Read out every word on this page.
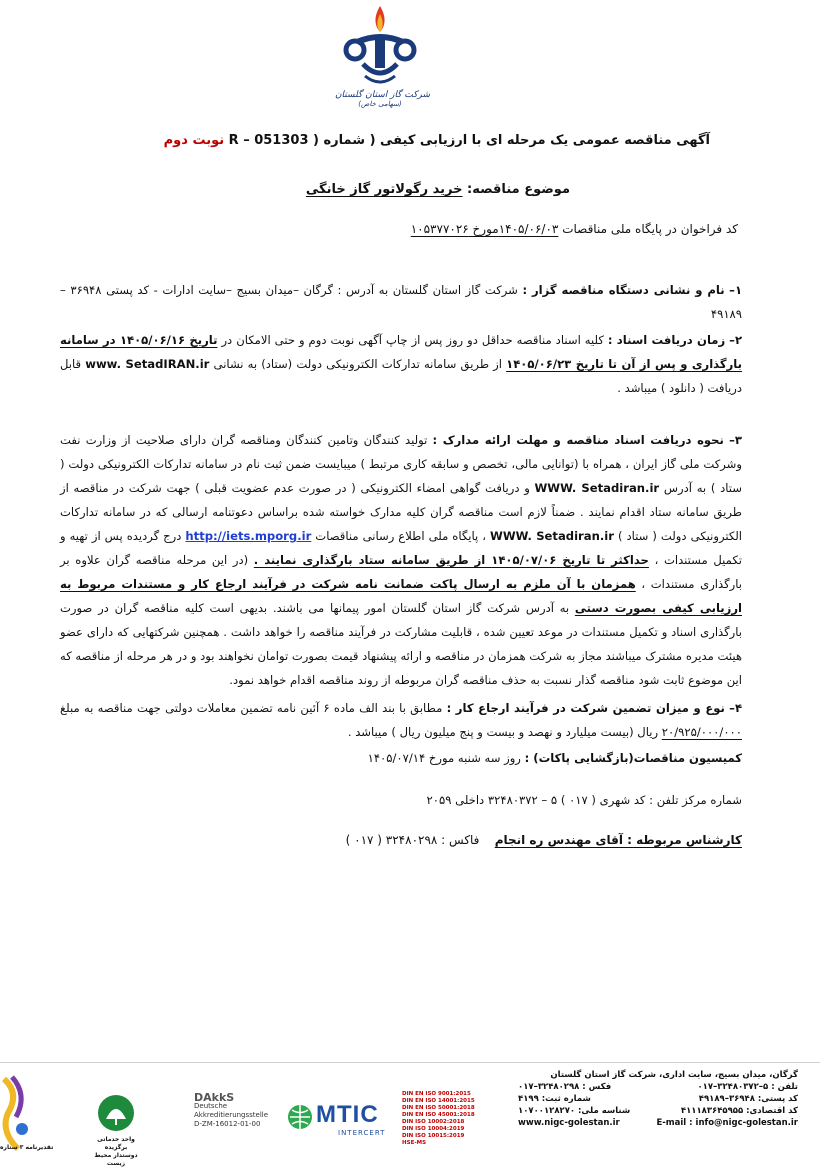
شرکت گاز استان گلستان
(سهامی خاص)
آگهی مناقصه عمومی یک مرحله ای با ارزیابی کیفی ( شماره R – 051303 ) نوبت دوم
موضوع مناقصه: خرید رگولاتور گاز خانگی
کد فراخوان در پایگاه ملی مناقصات ۱۴۰۵/۰۶/۰۳مورخ ۱۰۵۳۷۷۰۲۶
۱– نام و نشانی دستگاه مناقصه گزار : شرکت گاز استان گلستان به آدرس : گرگان –میدان بسیج –سایت ادارات - کد پستی ۳۶۹۴۸ – ۴۹۱۸۹
۲– زمان دریافت اسناد : کلیه اسناد مناقصه حداقل دو روز پس از چاپ آگهی نوبت دوم و حتی الامکان در تاریخ ۱۴۰۵/۰۶/۱۶ در سامانه بارگذاری و پس از آن تا تاریخ ۱۴۰۵/۰۶/۲۳ از طریق سامانه تدارکات الکترونیکی دولت (ستاد) به نشانی www. SetadIRAN.ir قابل دریافت ( دانلود ) میباشد .
۳– نحوه دریافت اسناد مناقصه و مهلت ارائه مدارک : تولید کنندگان وتامین کنندگان ومناقصه گران دارای صلاحیت از وزارت نفت وشرکت ملی گاز ایران ، همراه با (توانایی مالی، تخصص و سابقه کاری مرتبط ) میبایست ضمن ثبت نام در سامانه تدارکات الکترونیکی دولت ( ستاد ) به آدرس WWW. Setadiran.ir و دریافت گواهی امضاء الکترونیکی ( در صورت عدم عضویت قبلی ) جهت شرکت در مناقصه از طریق سامانه ستاد اقدام نمایند . ضمناً لازم است مناقصه گران کلیه مدارک خواسته شده براساس دعوتنامه ارسالی که در سامانه تدارکات الکترونیکی دولت ( ستاد ) WWW. Setadiran.ir ، پایگاه ملی اطلاع رسانی مناقصات http://iets.mporg.ir درج گردیده پس از تهیه و تکمیل مستندات ، حداکثر تا تاریخ ۱۴۰۵/۰۷/۰۶ از طریق سامانه ستاد بارگذاری نمایند . (در این مرحله مناقصه گران علاوه بر بارگذاری مستندات ، همزمان با آن ملزم به ارسال پاکت ضمانت نامه شرکت در فرآیند ارجاع کار و مستندات مربوط به ارزیابی کیفی بصورت دستی به آدرس شرکت گاز استان گلستان امور پیمانها می باشند. بدیهی است کلیه مناقصه گران در صورت بارگذاری اسناد و تکمیل مستندات در موعد تعیین شده ، قابلیت مشارکت در فرآیند مناقصه را خواهد داشت . همچنین شرکتهایی که دارای عضو هیئت مدیره مشترک میباشند مجاز به شرکت همزمان در مناقصه و ارائه پیشنهاد قیمت بصورت توامان نخواهند بود و در هر مرحله از مناقصه که این موضوع ثابت شود مناقصه گذار نسبت به حذف مناقصه گران مربوطه از روند مناقصه اقدام خواهد نمود.
۴– نوع و میزان تضمین شرکت در فرآیند ارجاع کار : مطابق با بند الف ماده ۶ آئین نامه تضمین معاملات دولتی جهت مناقصه به مبلغ ۲۰/۹۲۵/۰۰۰/۰۰۰ ریال (بیست میلیارد و نهصد و بیست و پنج میلیون ریال ) میباشد .
کمیسیون مناقصات(بازگشایی پاکات) : روز سه شنبه مورخ ۱۴۰۵/۰۷/۱۴
شماره مرکز تلفن : کد شهری ( ۰۱۷ ) ۵ – ۳۲۴۸۰۳۷۲ داخلی ۲۰۵۹
کارشناس مربوطه : آقای مهندس ره انجام    فاکس : ۳۲۴۸۰۲۹۸ ( ۰۱۷ )
گرگان، میدان بسیج، سایت اداری، شرکت گاز استان گلستان
تلفن : ۵–۳۲۴۸۰۳۷۲–۰۱۷
فکس : ۳۲۴۸۰۲۹۸–۰۱۷
کد پستی: ۳۶۹۴۸–۴۹۱۸۹
شماره ثبت: ۴۱۹۹
کد اقتصادی: ۴۱۱۱۸۳۶۴۵۹۵۵
شناسه ملی: ۱۰۷۰۰۱۲۸۲۷۰
www.nigc-golestan.ir	E-mail : info@nigc-golestan.ir
DIN EN ISO 9001:2015
DIN EN ISO 14001:2015
DIN EN ISO 50001:2018
DIN EN ISO 45001:2018
DIN ISO 10002:2018
DIN ISO 10004:2019
DIN ISO 10015:2019
HSE-MS
MTIC
INTERCERT
DAkkS
Deutsche
Akkreditierungsstelle
D-ZM-16012-01-00
واحد خدماتی برگزیده
دوستدار محیط زیست
تقدیرنامه ۳ ستاره
